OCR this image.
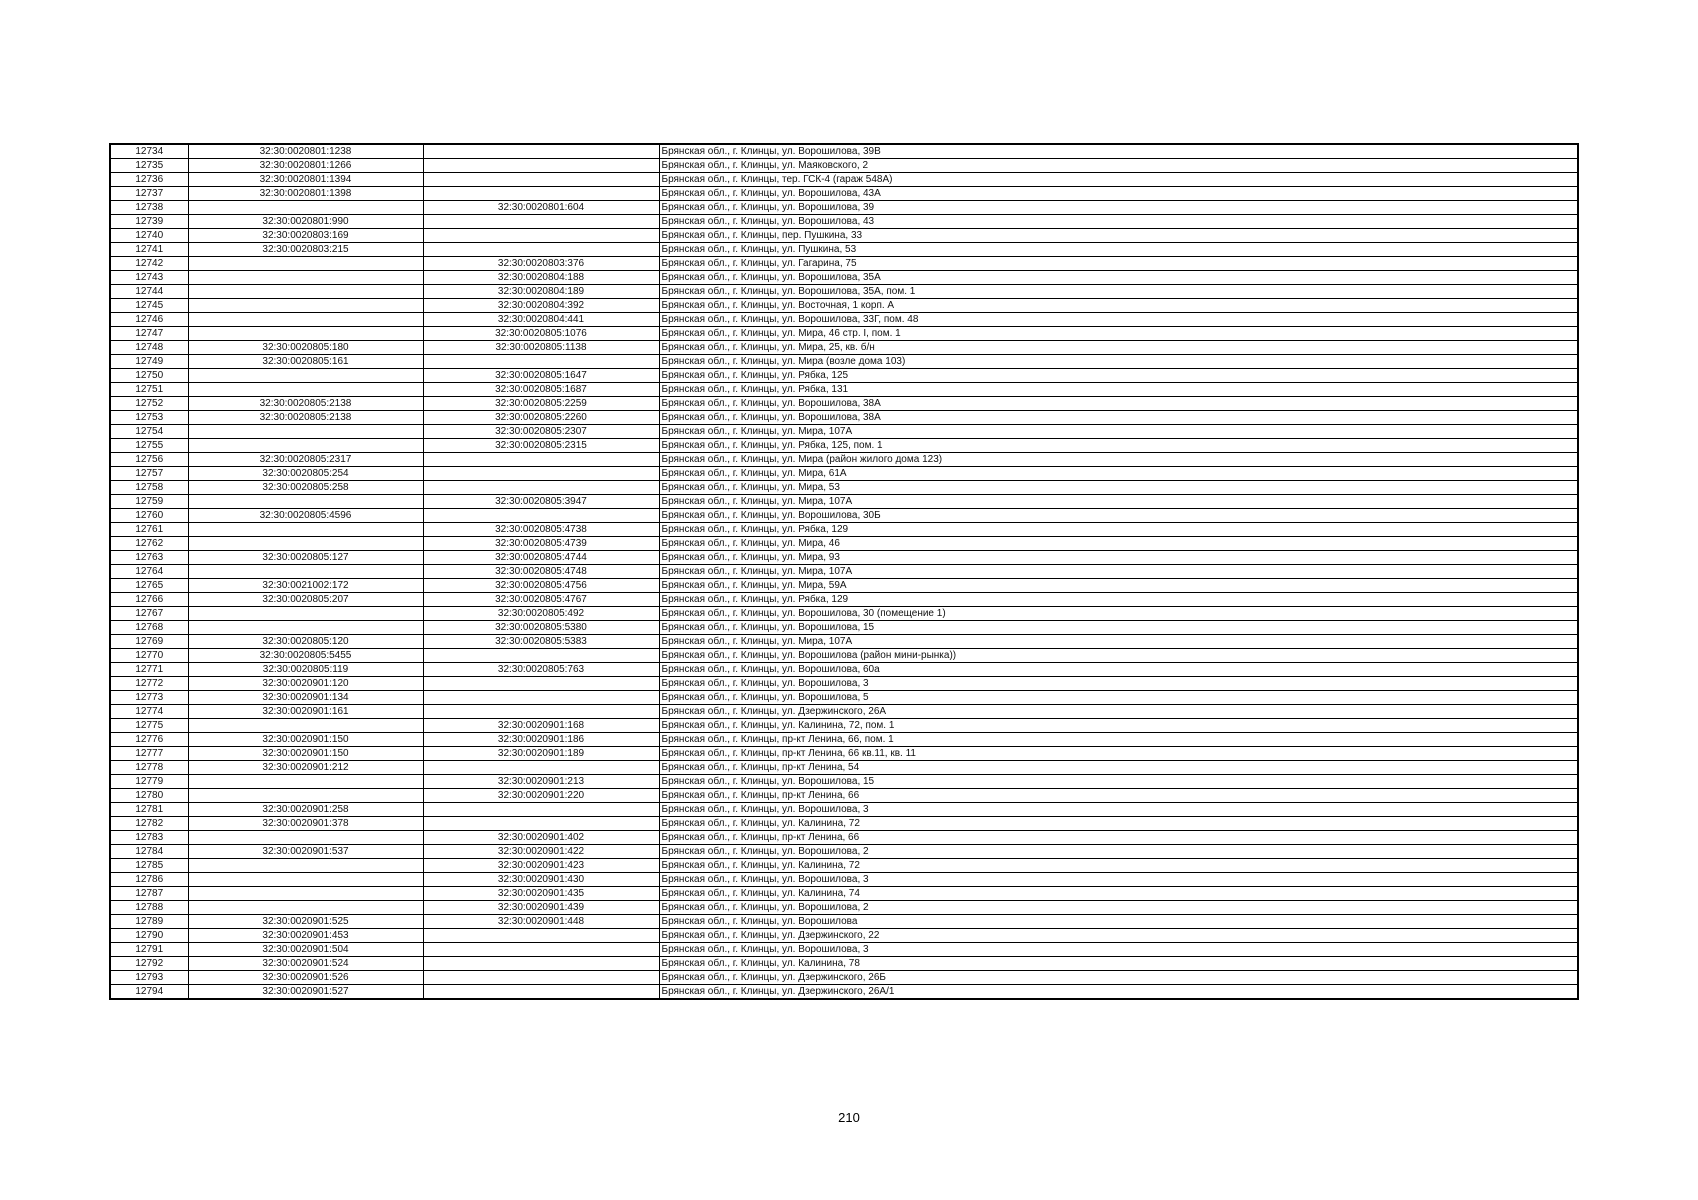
12734	32:30:0020801:1238		Брянская обл., г. Клинцы, ул. Ворошилова, 39В
12735	32:30:0020801:1266		Брянская обл., г. Клинцы, ул. Маяковского, 2
12736	32:30:0020801:1394		Брянская обл., г. Клинцы, тер. ГСК-4 (гараж 548А)
12737	32:30:0020801:1398		Брянская обл., г. Клинцы, ул. Ворошилова, 43А
12738		32:30:0020801:604	Брянская обл., г. Клинцы, ул. Ворошилова, 39
12739	32:30:0020801:990		Брянская обл., г. Клинцы, ул. Ворошилова, 43
12740	32:30:0020803:169		Брянская обл., г. Клинцы, пер. Пушкина, 33
12741	32:30:0020803:215		Брянская обл., г. Клинцы, ул. Пушкина, 53
12742		32:30:0020803:376	Брянская обл., г. Клинцы, ул. Гагарина, 75
12743		32:30:0020804:188	Брянская обл., г. Клинцы, ул. Ворошилова, 35А
12744		32:30:0020804:189	Брянская обл., г. Клинцы, ул. Ворошилова, 35А, пом. 1
12745		32:30:0020804:392	Брянская обл., г. Клинцы, ул. Восточная, 1 корп. А
12746		32:30:0020804:441	Брянская обл., г. Клинцы, ул. Ворошилова, 33Г, пом. 48
12747		32:30:0020805:1076	Брянская обл., г. Клинцы, ул. Мира, 46 стр. I, пом. 1
12748	32:30:0020805:180	32:30:0020805:1138	Брянская обл., г. Клинцы, ул. Мира, 25, кв. б/н
12749	32:30:0020805:161		Брянская обл., г. Клинцы, ул. Мира (возле дома 103)
12750		32:30:0020805:1647	Брянская обл., г. Клинцы, ул. Рябка, 125
12751		32:30:0020805:1687	Брянская обл., г. Клинцы, ул. Рябка, 131
12752	32:30:0020805:2138	32:30:0020805:2259	Брянская обл., г. Клинцы, ул. Ворошилова, 38А
12753	32:30:0020805:2138	32:30:0020805:2260	Брянская обл., г. Клинцы, ул. Ворошилова, 38А
12754		32:30:0020805:2307	Брянская обл., г. Клинцы, ул. Мира, 107А
12755		32:30:0020805:2315	Брянская обл., г. Клинцы, ул. Рябка, 125, пом. 1
12756	32:30:0020805:2317		Брянская обл., г. Клинцы, ул. Мира (район жилого дома 123)
12757	32:30:0020805:254		Брянская обл., г. Клинцы, ул. Мира, 61А
12758	32:30:0020805:258		Брянская обл., г. Клинцы, ул. Мира, 53
12759		32:30:0020805:3947	Брянская обл., г. Клинцы, ул. Мира, 107А
12760	32:30:0020805:4596		Брянская обл., г. Клинцы, ул. Ворошилова, 30Б
12761		32:30:0020805:4738	Брянская обл., г. Клинцы, ул. Рябка, 129
12762		32:30:0020805:4739	Брянская обл., г. Клинцы, ул. Мира, 46
12763	32:30:0020805:127	32:30:0020805:4744	Брянская обл., г. Клинцы, ул. Мира, 93
12764		32:30:0020805:4748	Брянская обл., г. Клинцы, ул. Мира, 107А
12765	32:30:0021002:172	32:30:0020805:4756	Брянская обл., г. Клинцы, ул. Мира, 59А
12766	32:30:0020805:207	32:30:0020805:4767	Брянская обл., г. Клинцы, ул. Рябка, 129
12767		32:30:0020805:492	Брянская обл., г. Клинцы, ул. Ворошилова, 30 (помещение 1)
12768		32:30:0020805:5380	Брянская обл., г. Клинцы, ул. Ворошилова, 15
12769	32:30:0020805:120	32:30:0020805:5383	Брянская обл., г. Клинцы, ул. Мира, 107А
12770	32:30:0020805:5455		Брянская обл., г. Клинцы, ул. Ворошилова (район мини-рынка))
12771	32:30:0020805:119	32:30:0020805:763	Брянская обл., г. Клинцы, ул. Ворошилова, 60а
12772	32:30:0020901:120		Брянская обл., г. Клинцы, ул. Ворошилова, 3
12773	32:30:0020901:134		Брянская обл., г. Клинцы, ул. Ворошилова, 5
12774	32:30:0020901:161		Брянская обл., г. Клинцы, ул. Дзержинского, 26А
12775		32:30:0020901:168	Брянская обл., г. Клинцы, ул. Калинина, 72, пом. 1
12776	32:30:0020901:150	32:30:0020901:186	Брянская обл., г. Клинцы, пр-кт Ленина, 66, пом. 1
12777	32:30:0020901:150	32:30:0020901:189	Брянская обл., г. Клинцы, пр-кт Ленина, 66 кв.11, кв. 11
12778	32:30:0020901:212		Брянская обл., г. Клинцы, пр-кт Ленина, 54
12779		32:30:0020901:213	Брянская обл., г. Клинцы, ул. Ворошилова, 15
12780		32:30:0020901:220	Брянская обл., г. Клинцы, пр-кт Ленина, 66
12781	32:30:0020901:258		Брянская обл., г. Клинцы, ул. Ворошилова, 3
12782	32:30:0020901:378		Брянская обл., г. Клинцы, ул. Калинина, 72
12783		32:30:0020901:402	Брянская обл., г. Клинцы, пр-кт Ленина, 66
12784	32:30:0020901:537	32:30:0020901:422	Брянская обл., г. Клинцы, ул. Ворошилова, 2
12785		32:30:0020901:423	Брянская обл., г. Клинцы, ул. Калинина, 72
12786		32:30:0020901:430	Брянская обл., г. Клинцы, ул. Ворошилова, 3
12787		32:30:0020901:435	Брянская обл., г. Клинцы, ул. Калинина, 74
12788		32:30:0020901:439	Брянская обл., г. Клинцы, ул. Ворошилова, 2
12789	32:30:0020901:525	32:30:0020901:448	Брянская обл., г. Клинцы, ул. Ворошилова
12790	32:30:0020901:453		Брянская обл., г. Клинцы, ул. Дзержинского, 22
12791	32:30:0020901:504		Брянская обл., г. Клинцы, ул. Ворошилова, 3
12792	32:30:0020901:524		Брянская обл., г. Клинцы, ул. Калинина, 78
12793	32:30:0020901:526		Брянская обл., г. Клинцы, ул. Дзержинского, 26Б
12794	32:30:0020901:527		Брянская обл., г. Клинцы, ул. Дзержинского, 26А/1
210
